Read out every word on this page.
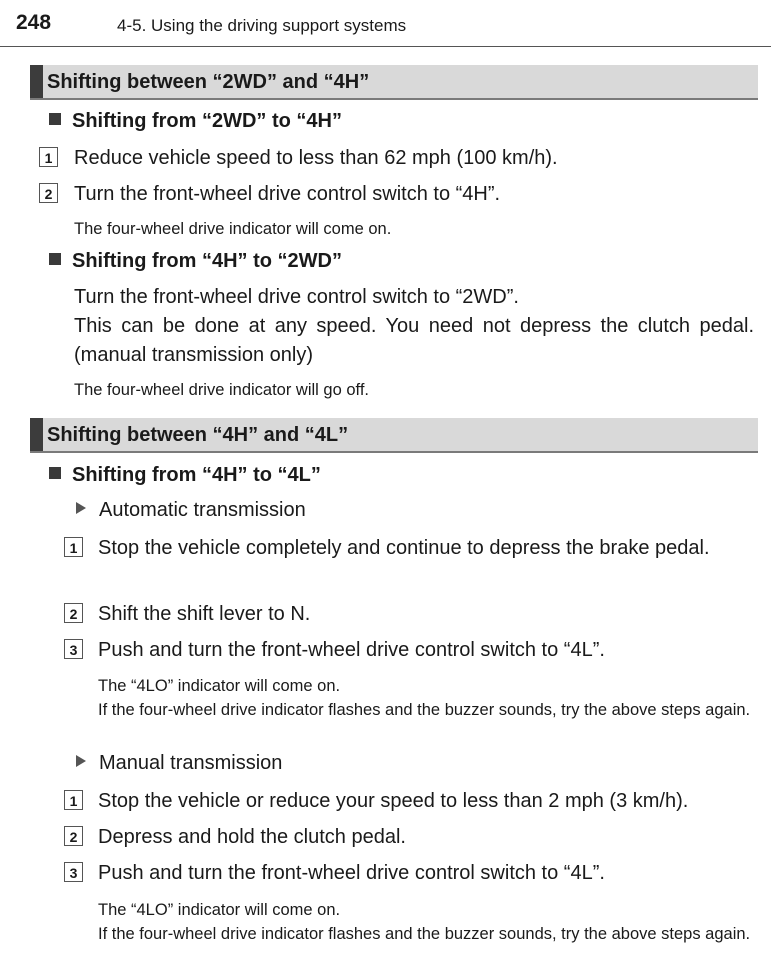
248	4-5. Using the driving support systems
Shifting between “2WD” and “4H”
Shifting from “2WD” to “4H”
1 Reduce vehicle speed to less than 62 mph (100 km/h).
2 Turn the front-wheel drive control switch to “4H”.
The four-wheel drive indicator will come on.
Shifting from “4H” to “2WD”
Turn the front-wheel drive control switch to “2WD”.
This can be done at any speed. You need not depress the clutch pedal. (manual transmission only)
The four-wheel drive indicator will go off.
Shifting between “4H” and “4L”
Shifting from “4H” to “4L”
Automatic transmission
1 Stop the vehicle completely and continue to depress the brake pedal.
2 Shift the shift lever to N.
3 Push and turn the front-wheel drive control switch to “4L”.
The “4LO” indicator will come on.
If the four-wheel drive indicator flashes and the buzzer sounds, try the above steps again.
Manual transmission
1 Stop the vehicle or reduce your speed to less than 2 mph (3 km/h).
2 Depress and hold the clutch pedal.
3 Push and turn the front-wheel drive control switch to “4L”.
The “4LO” indicator will come on.
If the four-wheel drive indicator flashes and the buzzer sounds, try the above steps again.
